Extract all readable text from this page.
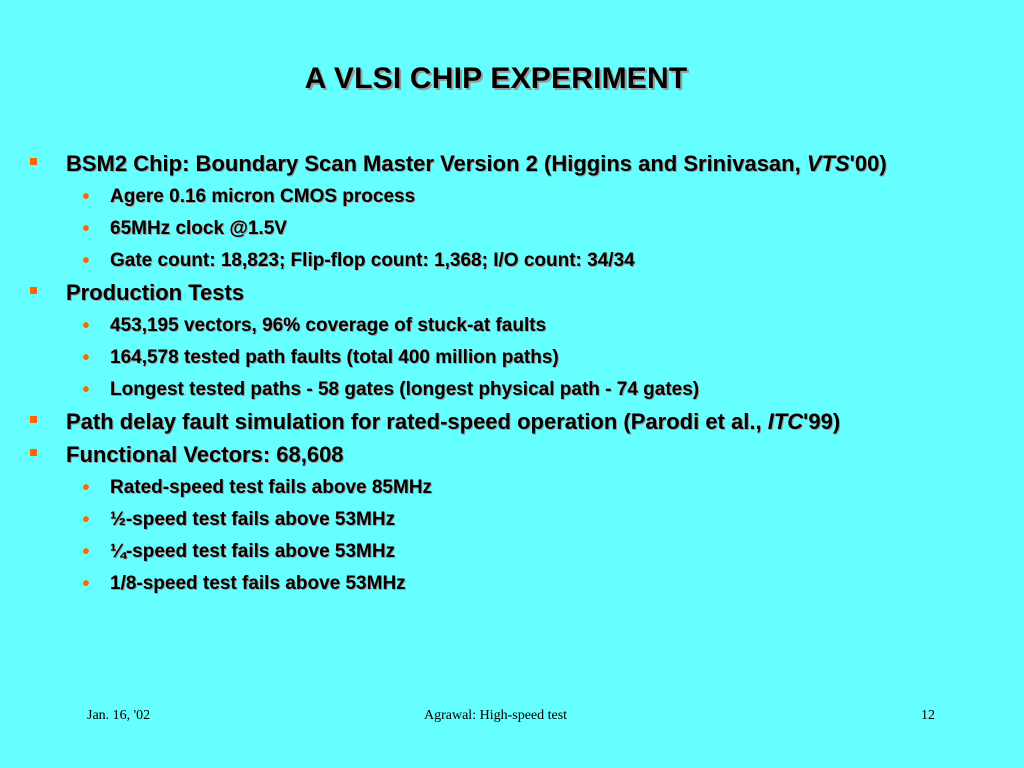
A VLSI CHIP EXPERIMENT
BSM2 Chip: Boundary Scan Master Version 2 (Higgins and Srinivasan, VTS'00)
• Agere 0.16 micron CMOS process
• 65MHz clock @1.5V
• Gate count: 18,823; Flip-flop count: 1,368; I/O count: 34/34
Production Tests
• 453,195 vectors, 96% coverage of stuck-at faults
• 164,578 tested path faults (total 400 million paths)
• Longest tested paths - 58 gates (longest physical path - 74 gates)
Path delay fault simulation for rated-speed operation (Parodi et al., ITC'99)
Functional Vectors: 68,608
• Rated-speed test fails above 85MHz
• ½-speed test fails above 53MHz
• ¼-speed test fails above 53MHz
• 1/8-speed test fails above 53MHz
Jan. 16, '02	Agrawal: High-speed test	12
